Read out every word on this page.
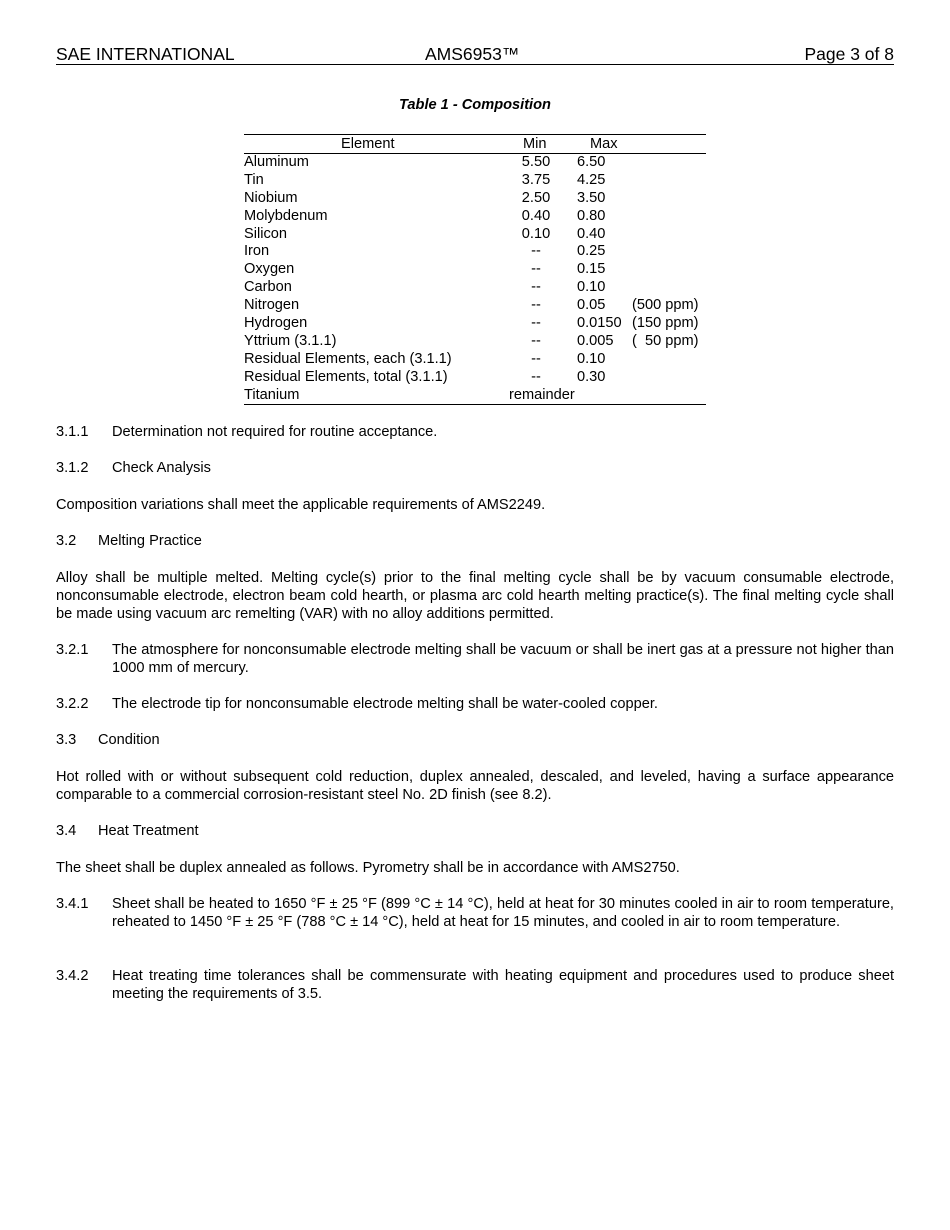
SAE INTERNATIONAL	AMS6953™	Page 3 of 8
Table 1 - Composition
Element	Min	Max
Aluminum	5.50	6.50
Tin	3.75	4.25
Niobium	2.50	3.50
Molybdenum	0.40	0.80
Silicon	0.10	0.40
Iron	--	0.25
Oxygen	--	0.15
Carbon	--	0.10
Nitrogen	--	0.05 (500 ppm)
Hydrogen	--	0.0150 (150 ppm)
Yttrium (3.1.1)	--	0.005 (  50 ppm)
Residual Elements, each (3.1.1)	--	0.10
Residual Elements, total (3.1.1)	--	0.30
Titanium	remainder
3.1.1 Determination not required for routine acceptance.
3.1.2 Check Analysis

Composition variations shall meet the applicable requirements of AMS2249.

3.2 Melting Practice

Alloy shall be multiple melted. Melting cycle(s) prior to the final melting cycle shall be by vacuum consumable electrode, nonconsumable electrode, electron beam cold hearth, or plasma arc cold hearth melting practice(s). The final melting cycle shall be made using vacuum arc remelting (VAR) with no alloy additions permitted.

3.2.1 The atmosphere for nonconsumable electrode melting shall be vacuum or shall be inert gas at a pressure not higher than 1000 mm of mercury.
3.2.2 The electrode tip for nonconsumable electrode melting shall be water-cooled copper.
3.3 Condition

Hot rolled with or without subsequent cold reduction, duplex annealed, descaled, and leveled, having a surface appearance comparable to a commercial corrosion-resistant steel No. 2D finish (see 8.2).

3.4 Heat Treatment

The sheet shall be duplex annealed as follows. Pyrometry shall be in accordance with AMS2750.

3.4.1 Sheet shall be heated to 1650 °F ± 25 °F (899 °C ± 14 °C), held at heat for 30 minutes cooled in air to room temperature, reheated to 1450 °F ± 25 °F (788 °C ± 14 °C), held at heat for 15 minutes, and cooled in air to room temperature.
3.4.2 Heat treating time tolerances shall be commensurate with heating equipment and procedures used to produce sheet meeting the requirements of 3.5.
